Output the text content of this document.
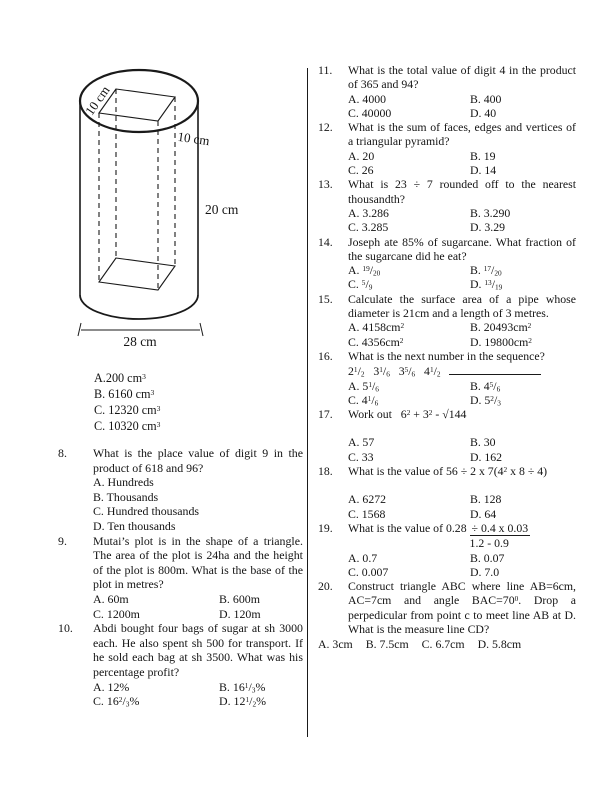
10 cm
10 cm
20 cm
28 cm
A.200 $cm^3$
B. 6160 $cm^3$
C. 12320 $cm^3$
C. 10320 $cm^3$
8.	What is the place value of digit 9 in the product of 618 and 96?
A. Hundreds
B. Thousands
C. Hundred thousands
D. Ten thousands
9.	Mutai’s plot is in the shape of a triangle. The area of the plot is 24ha and the height of the plot is 800m. What is the base of the plot in metres?
A. 60m	B. 600m
C. 1200m	D. 120m
10.	Abdi bought four bags of sugar at sh 3000 each. He also spent sh 500 for transport. If he sold each bag at sh 3500. What was his percentage profit?
A. 12%	B. $16^1/_3\%$
C. $16^2/_3\%$	D. $12^1/_2\%$
11.	What is the total value of digit 4 in the product of 365 and 94?
A. 4000	B. 400
C. 40000	D. 40
12.	What is the sum of faces, edges and vertices of a triangular pyramid?
A. 20	B. 19
C. 26	D. 14
13.	What is 23 ÷ 7 rounded off to the nearest thousandth?
A. 3.286	B. 3.290
C. 3.285	D. 3.29
14.	Joseph ate 85% of sugarcane. What fraction of the sugarcane did he eat?
A. $^{19}/_{20}$	B. $^{17}/_{20}$
C. $^5/_9$	D. $^{13}/_{19}$
15.	Calculate the surface area of a pipe whose diameter is 21cm and a length of 3 metres.
A. $4158cm^2$	B. $20493cm^2$
C. $4356cm^2$	D. $19800cm^2$
16.	What is the next number in the sequence?
$2^1/_2$  $3^1/_6$  $3^5/_6$  $4^1/_2$
A. $5^1/_6$	B. $4^5/_6$
C. $4^1/_6$	D. $5^2/_3$
17.	Work out  $6^2 + 3^2 - √144$
A. 57	B. 30
C. 33	D. 162
18.	What is the value of 56 ÷ 2 x $7(4^2$ x 8 ÷ 4)
A. 6272	B. 128
C. 1568	D. 64
19.	What is the value of $0.28 \frac{\div 0.4 x 0.03}{1.2 - 0.9}$
A. 0.7	B. 0.07
C. 0.007	D. 7.0
20.	Construct triangle ABC where line AB=6cm, AC=7cm and angle $BAC=70^0$. Drop a perpedicular from point c to meet line AB at D. What is the measure line CD?
A. 3cm B. 7.5cm C. 6.7cm D. 5.8cm
